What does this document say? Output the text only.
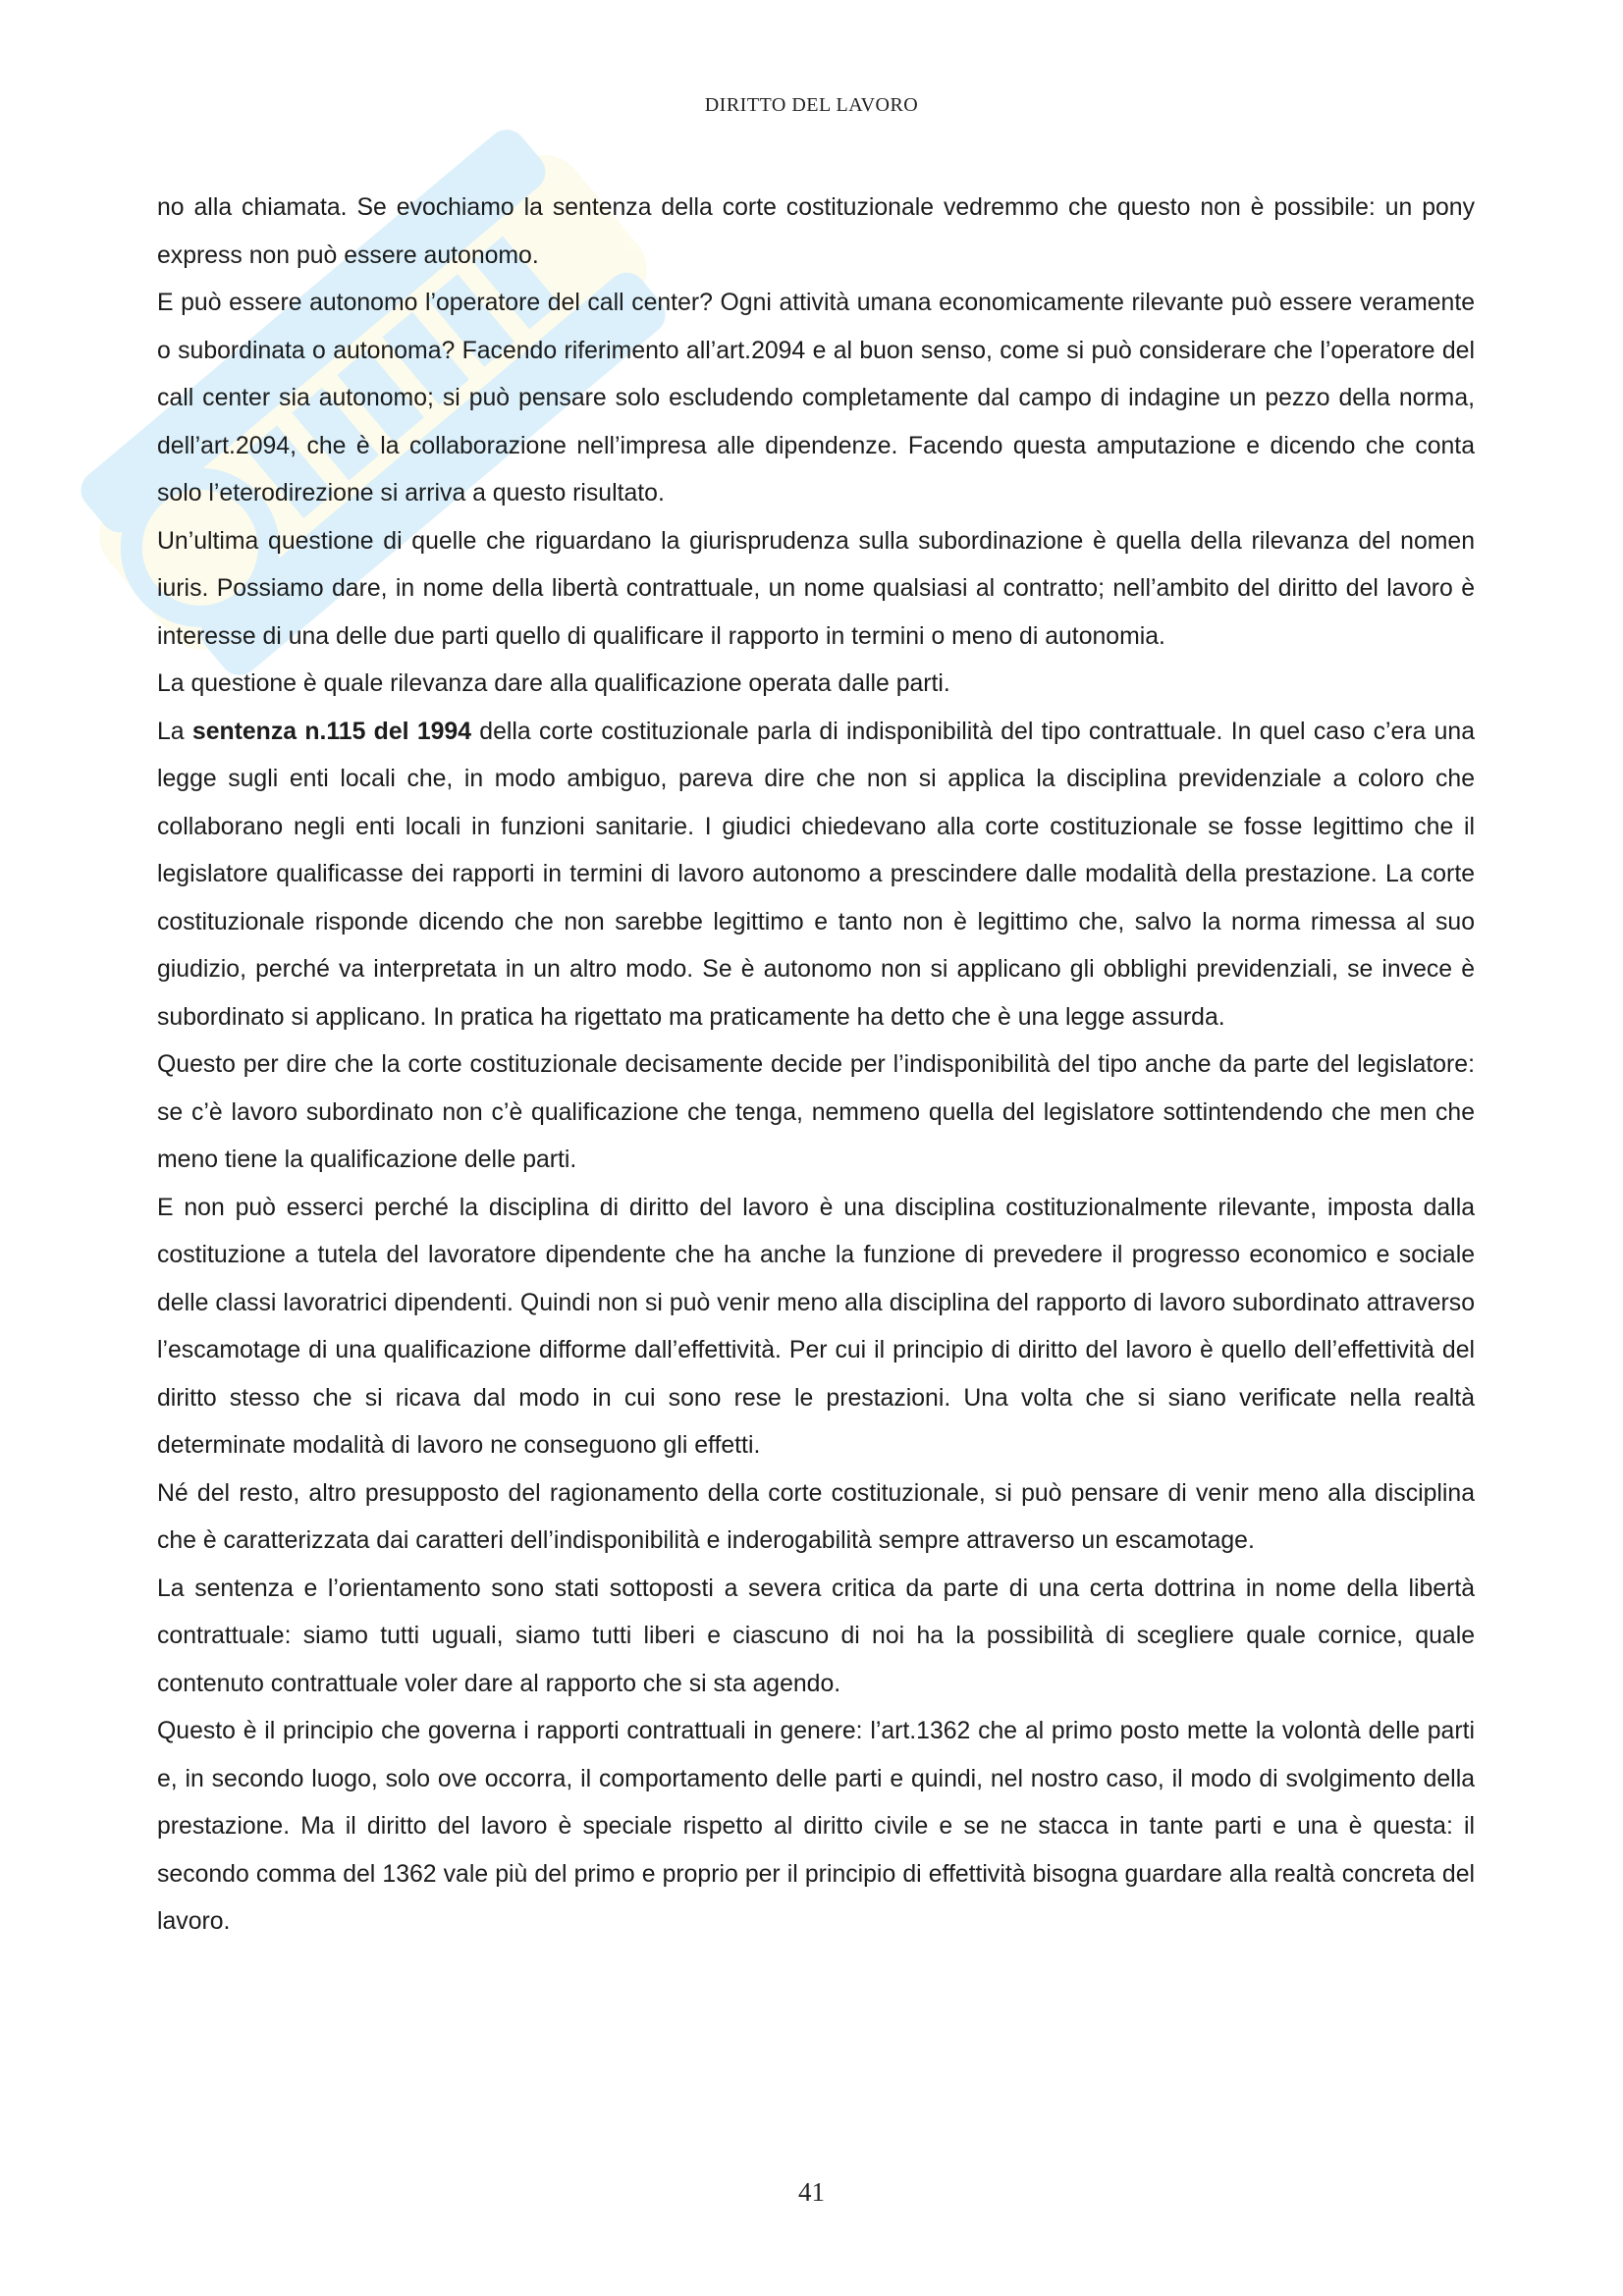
DIRITTO DEL LAVORO

no alla chiamata. Se evochiamo la sentenza della corte costituzionale vedremmo che questo non è possibile: un pony express non può essere autonomo.

E può essere autonomo l’operatore del call center? Ogni attività umana economicamente rilevante può essere veramente o subordinata o autonoma? Facendo riferimento all’art.2094 e al buon senso, come si può considerare che l’operatore del call center sia autonomo; si può pensare solo escludendo completamente dal campo di indagine un pezzo della norma, dell’art.2094, che è la collaborazione nell’impresa alle dipendenze. Facendo questa amputazione e dicendo che conta solo l’eterodirezione si arriva a questo risultato.

Un’ultima questione di quelle che riguardano la giurisprudenza sulla subordinazione è quella della rilevanza del nomen iuris. Possiamo dare, in nome della libertà contrattuale, un nome qualsiasi al contratto; nell’ambito del diritto del lavoro è interesse di una delle due parti quello di qualificare il rapporto in termini o meno di autonomia.

La questione è quale rilevanza dare alla qualificazione operata dalle parti.

La sentenza n.115 del 1994 della corte costituzionale parla di indisponibilità del tipo contrattuale. In quel caso c’era una legge sugli enti locali che, in modo ambiguo, pareva dire che non si applica la disciplina previdenziale a coloro che collaborano negli enti locali in funzioni sanitarie. I giudici chiedevano alla corte costituzionale se fosse legittimo che il legislatore qualificasse dei rapporti in termini di lavoro autonomo a prescindere dalle modalità della prestazione. La corte costituzionale risponde dicendo che non sarebbe legittimo e tanto non è legittimo che, salvo la norma rimessa al suo giudizio, perché va interpretata in un altro modo. Se è autonomo non si applicano gli obblighi previdenziali, se invece è subordinato si applicano. In pratica ha rigettato ma praticamente ha detto che è una legge assurda.

Questo per dire che la corte costituzionale decisamente decide per l’indisponibilità del tipo anche da parte del legislatore: se c’è lavoro subordinato non c’è qualificazione che tenga, nemmeno quella del legislatore sottintendendo che men che meno tiene la qualificazione delle parti.

E non può esserci perché la disciplina di diritto del lavoro è una disciplina costituzionalmente rilevante, imposta dalla costituzione a tutela del lavoratore dipendente che ha anche la funzione di prevedere il progresso economico e sociale delle classi lavoratrici dipendenti. Quindi non si può venir meno alla disciplina del rapporto di lavoro subordinato attraverso l’escamotage di una qualificazione difforme dall’effettività. Per cui il principio di diritto del lavoro è quello dell’effettività del diritto stesso che si ricava dal modo in cui sono rese le prestazioni. Una volta che si siano verificate nella realtà determinate modalità di lavoro ne conseguono gli effetti.

Né del resto, altro presupposto del ragionamento della corte costituzionale, si può pensare di venir meno alla disciplina che è caratterizzata dai caratteri dell’indisponibilità e inderogabilità sempre attraverso un escamotage.

La sentenza e l’orientamento sono stati sottoposti a severa critica da parte di una certa dottrina in nome della libertà contrattuale: siamo tutti uguali, siamo tutti liberi e ciascuno di noi ha la possibilità di scegliere quale cornice, quale contenuto contrattuale voler dare al rapporto che si sta agendo.

Questo è il principio che governa i rapporti contrattuali in genere: l’art.1362 che al primo posto mette la volontà delle parti e, in secondo luogo, solo ove occorra, il comportamento delle parti e quindi, nel nostro caso, il modo di svolgimento della prestazione. Ma il diritto del lavoro è speciale rispetto al diritto civile e se ne stacca in tante parti e una è questa: il secondo comma del 1362 vale più del primo e proprio per il principio di effettività bisogna guardare alla realtà concreta del lavoro.

41
